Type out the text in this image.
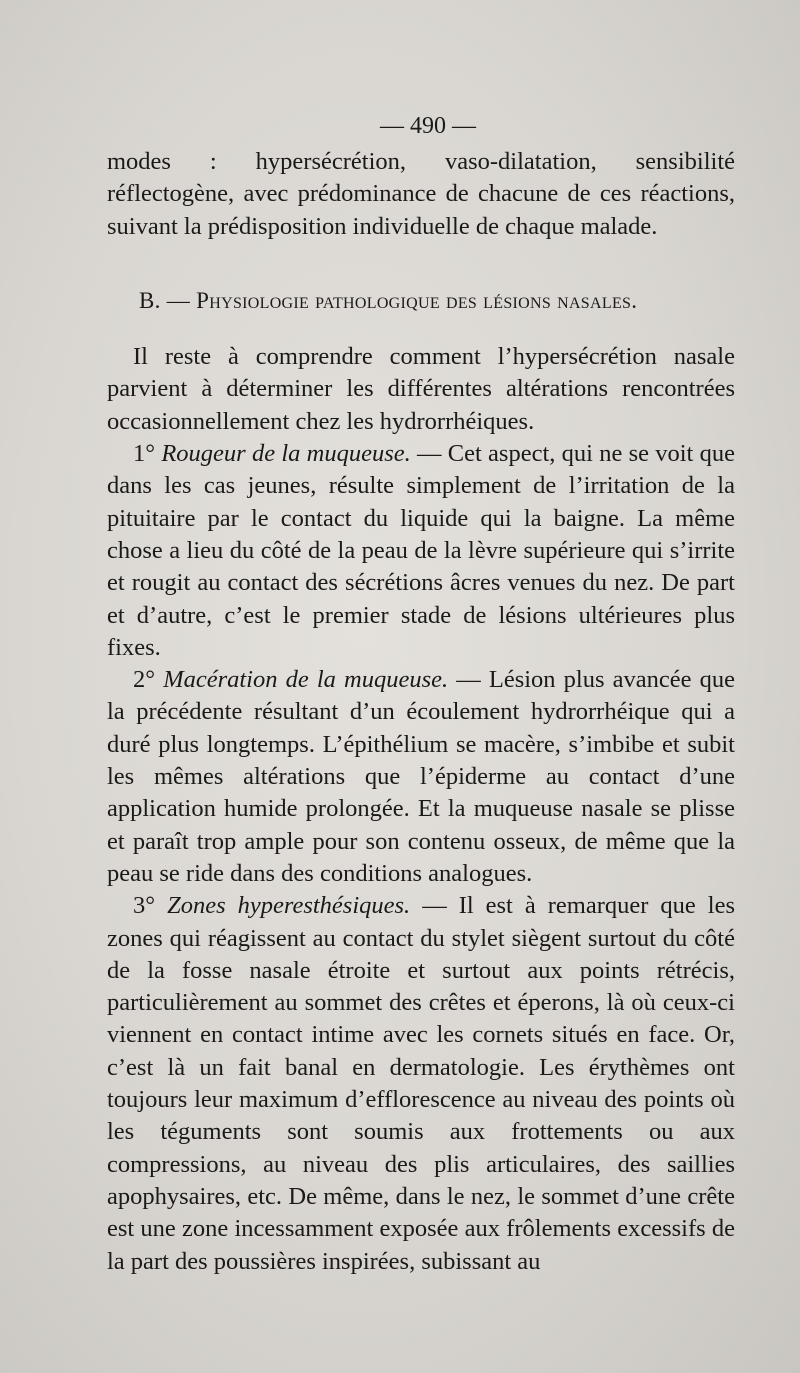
— 490 —

modes : hypersécrétion, vaso-dilatation, sensibilité réflectogène, avec prédominance de chacune de ces réactions, suivant la prédisposition individuelle de chaque malade.

B. — Physiologie pathologique des lésions nasales.

Il reste à comprendre comment l’hypersécrétion nasale parvient à déterminer les différentes altérations rencontrées occasionnellement chez les hydrorrhéiques.

1° Rougeur de la muqueuse. — Cet aspect, qui ne se voit que dans les cas jeunes, résulte simplement de l’irritation de la pituitaire par le contact du liquide qui la baigne. La même chose a lieu du côté de la peau de la lèvre supérieure qui s’irrite et rougit au contact des sécrétions âcres venues du nez. De part et d’autre, c’est le premier stade de lésions ultérieures plus fixes.

2° Macération de la muqueuse. — Lésion plus avancée que la précédente résultant d’un écoulement hydrorrhéique qui a duré plus longtemps. L’épithélium se macère, s’imbibe et subit les mêmes altérations que l’épiderme au contact d’une application humide prolongée. Et la muqueuse nasale se plisse et paraît trop ample pour son contenu osseux, de même que la peau se ride dans des conditions analogues.

3° Zones hyperesthésiques. — Il est à remarquer que les zones qui réagissent au contact du stylet siègent surtout du côté de la fosse nasale étroite et surtout aux points rétrécis, particulièrement au sommet des crêtes et éperons, là où ceux-ci viennent en contact intime avec les cornets situés en face. Or, c’est là un fait banal en dermatologie. Les érythèmes ont toujours leur maximum d’efflorescence au niveau des points où les téguments sont soumis aux frottements ou aux compressions, au niveau des plis articulaires, des saillies apophysaires, etc. De même, dans le nez, le sommet d’une crête est une zone incessamment exposée aux frôlements excessifs de la part des poussières inspirées, subissant au
